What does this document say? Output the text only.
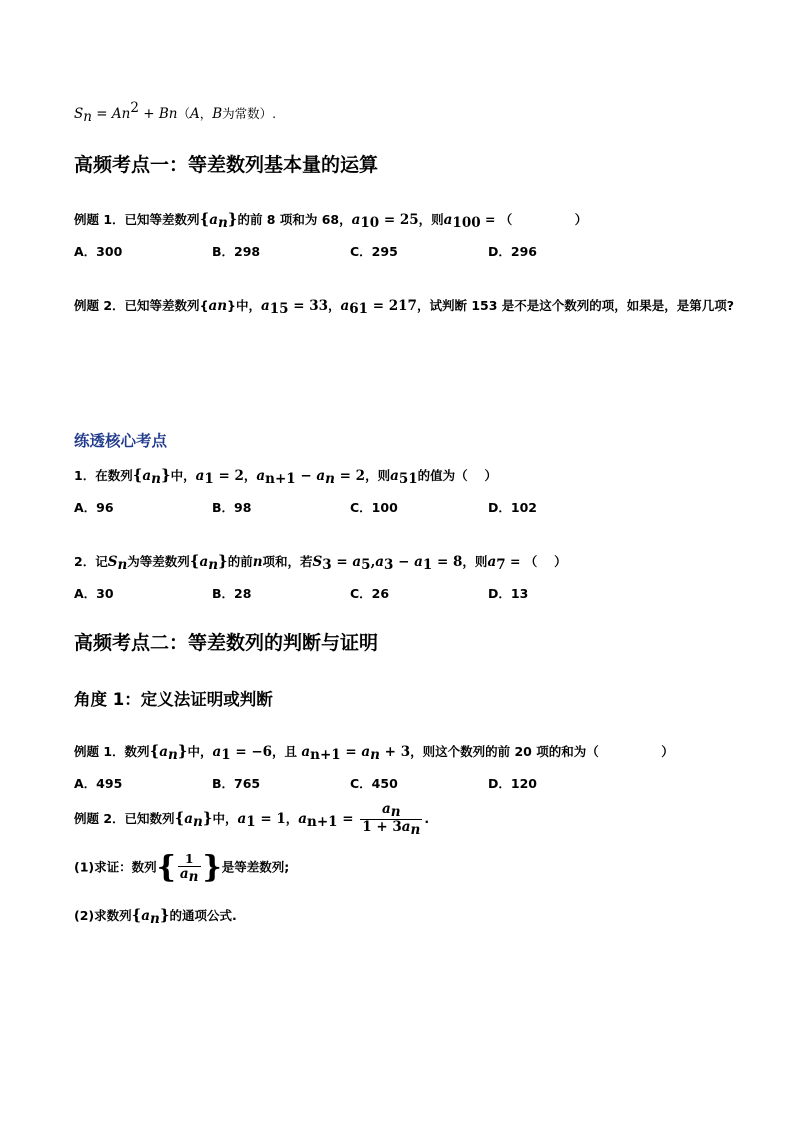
$S_n = An^2 + Bn(A$，B为常数）.
高频考点一：等差数列基本量的运算
例题 1．已知等差数列$\{a_n\}$的前 8 项和为 68，$a_{10} = 25$，则$a_{100}$ = （　　　　　）
A．300	B．298	C．295	D．296
例题 2．已知等差数列{an}中，$a_{15} = 33$，$a_{61} = 217$，试判断 153 是不是这个数列的项，如果是，是第几项?
练透核心考点
1．在数列$\{a_n\}$中，$a_1 = 2$，$a_{n+1} - a_n = 2$，则$a_{51}$的值为（　 ）
A．96	B．98	C．100	D．102
2．记$S_n$为等差数列$\{a_n\}$的前n项和，若$S_3 = a_5,a_3 - a_1 = 8$，则$a_7$ = （　 ）
A．30	B．28	C．26	D．13
高频考点二：等差数列的判断与证明
角度 1：定义法证明或判断
例题 1．数列$\{a_n\}$中，$a_1 = -6$，且 $a_{n+1} = a_n + 3$，则这个数列的前 20 项的和为（　　　　　）
A．495	B．765	C．450	D．120
例题 2．已知数列$\{a_n\}$中，$a_1 = 1$，$a_{n+1} = \frac{a_n}{1 + 3a_n}$ .
(1)求证：数列{ $\frac{1}{a_n}$ }是等差数列;
(2)求数列$\{a_n\}$的通项公式.
